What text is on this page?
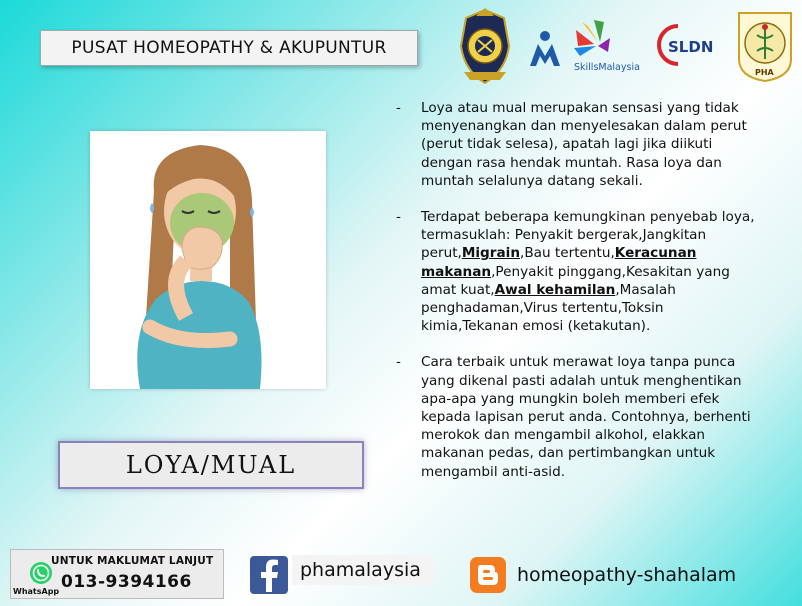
PUSAT HOMEOPATHY & AKUPUNTUR
SkillsMalaysia
SLDN
PHA
LOYA/MUAL
-	Loya atau mual merupakan sensasi yang tidak menyenangkan dan menyelesakan dalam perut (perut tidak selesa), apatah lagi jika diikuti dengan rasa hendak muntah. Rasa loya dan muntah selalunya datang sekali.
-	Terdapat beberapa kemungkinan penyebab loya, termasuklah: Penyakit bergerak,Jangkitan perut,Migrain,Bau tertentu,Keracunan makanan,Penyakit pinggang,Kesakitan yang amat kuat,Awal kehamilan,Masalah penghadaman,Virus tertentu,Toksin kimia,Tekanan emosi (ketakutan).
-	Cara terbaik untuk merawat loya tanpa punca yang dikenal pasti adalah untuk menghentikan apa-apa yang mungkin boleh memberi efek kepada lapisan perut anda. Contohnya, berhenti merokok dan mengambil alkohol, elakkan makanan pedas, dan pertimbangkan untuk mengambil anti-asid.
WhatsApp
UNTUK MAKLUMAT LANJUT
013-9394166
phamalaysia	homeopathy-shahalam
